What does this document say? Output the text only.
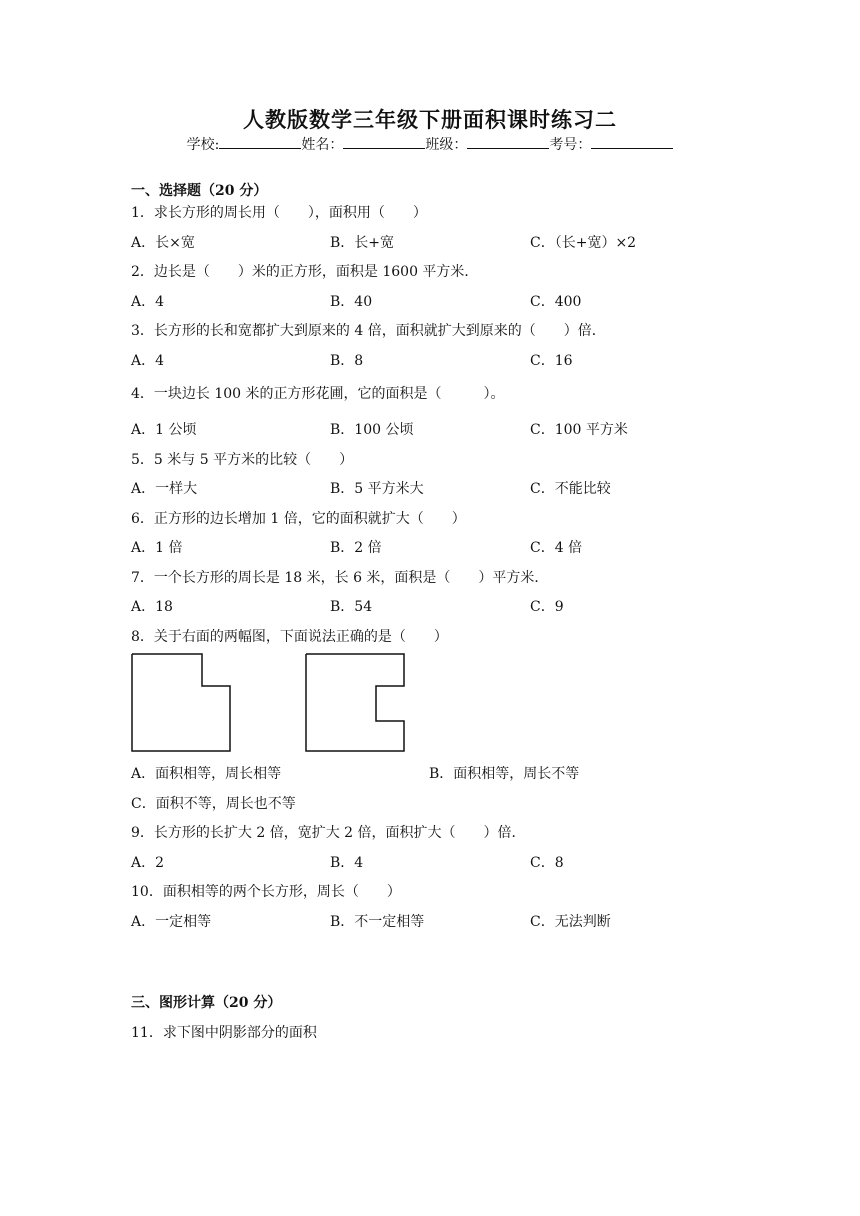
人教版数学三年级下册面积课时练习二
学校:	姓名：	班级：	考号：
一、选择题（20 分）
1．求长方形的周长用（　　），面积用（　　）
A．长×宽	B．长+宽	C．（长+宽）×2
2．边长是（　　）米的正方形，面积是 1600 平方米．
A．4	B．40	C．400
3．长方形的长和宽都扩大到原来的 4 倍，面积就扩大到原来的（　　）倍．
A．4	B．8	C．16
4．一块边长 100 米的正方形花圃，它的面积是（　　　）。
A．1 公顷	B．100 公顷	C．100 平方米
5．5 米与 5 平方米的比较（　　）
A．一样大	B．5 平方米大	C．不能比较
6．正方形的边长增加 1 倍，它的面积就扩大（　　）
A．1 倍	B．2 倍	C．4 倍
7．一个长方形的周长是 18 米，长 6 米，面积是（　　）平方米．
A．18	B．54	C．9
8．关于右面的两幅图，下面说法正确的是（　　）
A．面积相等，周长相等	B．面积相等，周长不等
C．面积不等，周长也不等
9．长方形的长扩大 2 倍，宽扩大 2 倍，面积扩大（　　）倍．
A．2	B．4	C．8
10．面积相等的两个长方形，周长（　　）
A．一定相等	B．不一定相等	C．无法判断
三、图形计算（20 分）
11．求下图中阴影部分的面积
